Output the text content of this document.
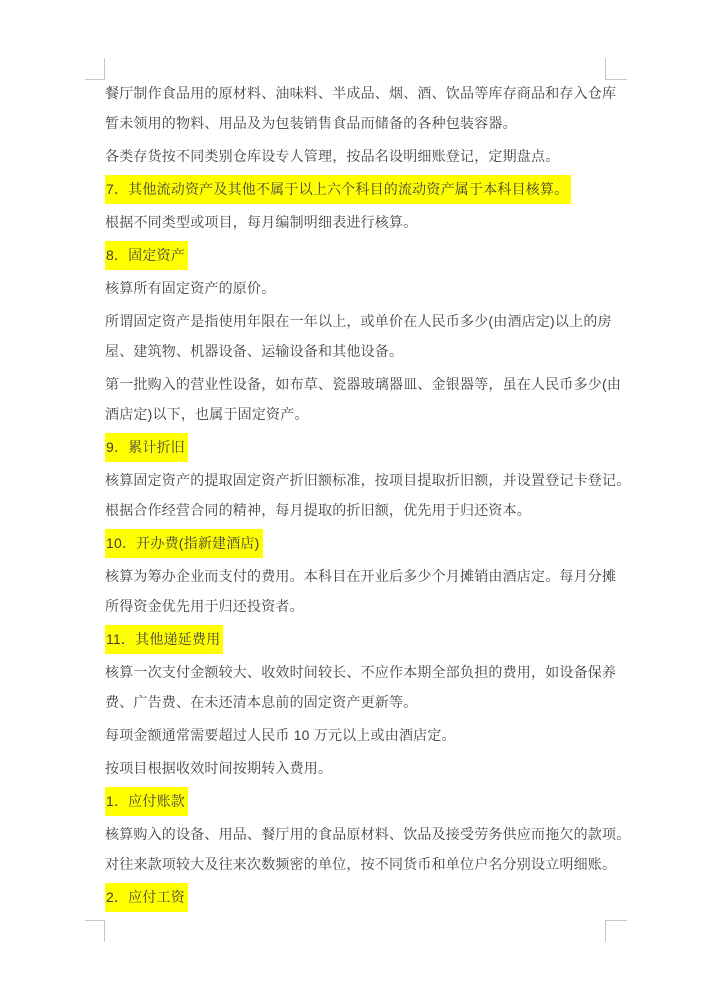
餐厅制作食品用的原材料、油味料、半成品、烟、酒、饮品等库存商品和存入仓库
暂未领用的物料、用品及为包装销售食品而储备的各种包装容器。
各类存货按不同类别仓库设专人管理，按品名设明细账登记，定期盘点。
7．其他流动资产及其他不属于以上六个科目的流动资产属于本科目核算。
根据不同类型或项目，每月编制明细表进行核算。
8．固定资产
核算所有固定资产的原价。
所谓固定资产是指使用年限在一年以上，或单价在人民币多少(由酒店定)以上的房
屋、建筑物、机器设备、运输设备和其他设备。
第一批购入的营业性设备，如布草、瓷器玻璃器皿、金银器等，虽在人民币多少(由
酒店定)以下，也属于固定资产。
9．累计折旧
核算固定资产的提取固定资产折旧额标准，按项目提取折旧额，并设置登记卡登记。
根据合作经营合同的精神，每月提取的折旧额，优先用于归还资本。
10．开办费(指新建酒店)
核算为筹办企业而支付的费用。本科目在开业后多少个月摊销由酒店定。每月分摊
所得资金优先用于归还投资者。
11．其他递延费用
核算一次支付金额较大、收效时间较长、不应作本期全部负担的费用，如设备保养
费、广告费、在未还清本息前的固定资产更新等。
每项金额通常需要超过人民币 10 万元以上或由酒店定。
按项目根据收效时间按期转入费用。
1．应付账款
核算购入的设备、用品、餐厅用的食品原材料、饮品及接受劳务供应而拖欠的款项。
对往来款项较大及往来次数频密的单位，按不同货币和单位户名分别设立明细账。
2．应付工资
